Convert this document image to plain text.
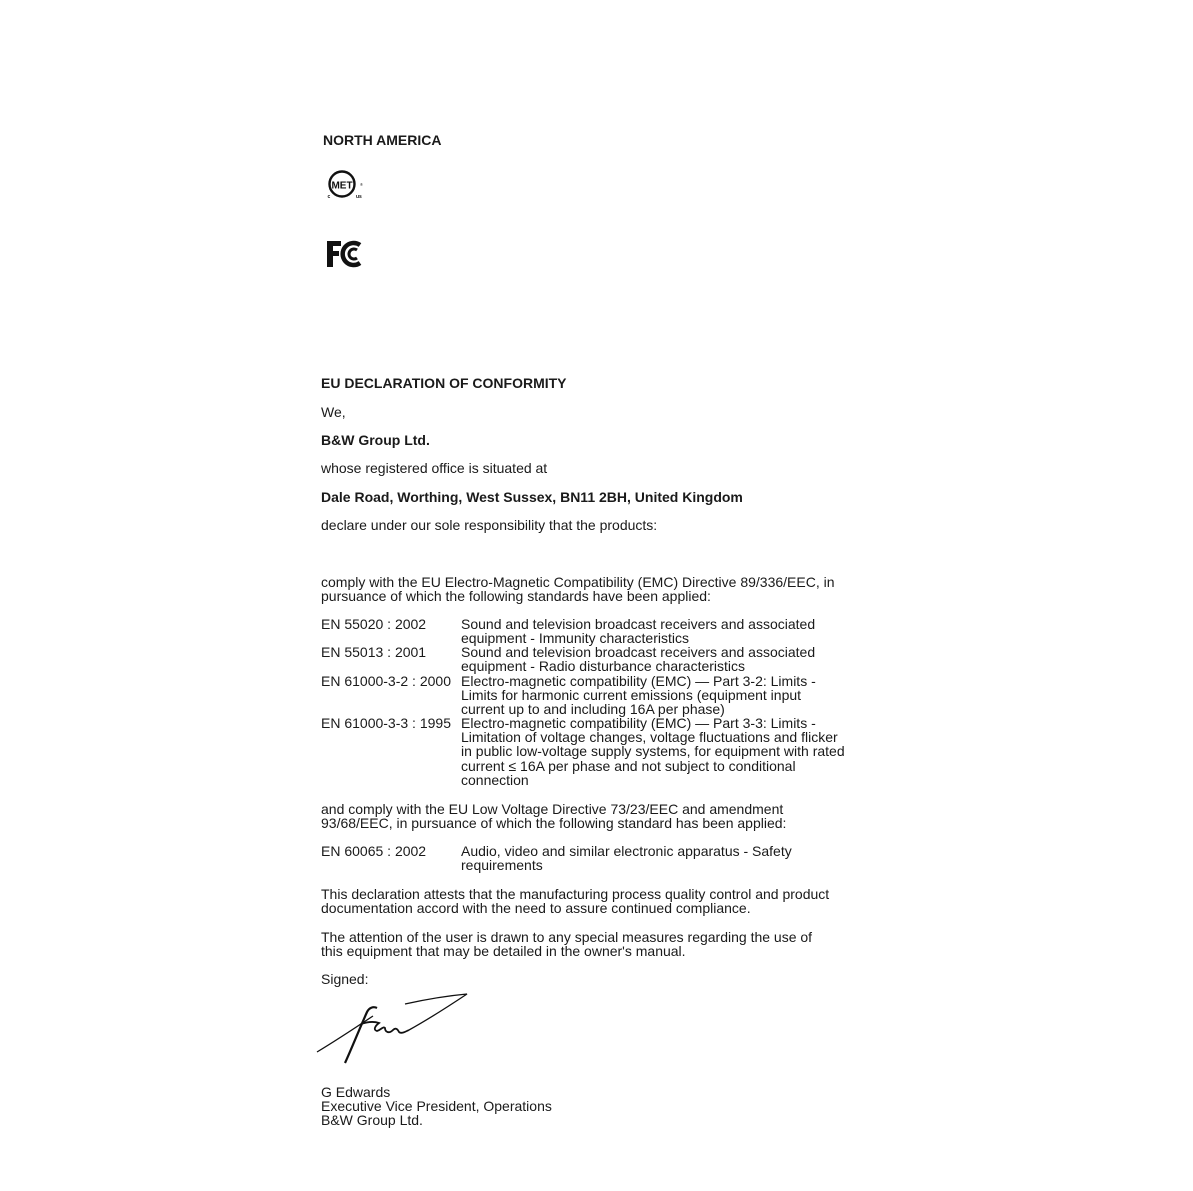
NORTH AMERICA
MET
c	us
®
FC
EU DECLARATION OF CONFORMITY
We,
B&W Group Ltd.
whose registered office is situated at
Dale Road, Worthing, West Sussex, BN11 2BH, United Kingdom
declare under our sole responsibility that the products:
comply with the EU Electro-Magnetic Compatibility (EMC) Directive 89/336/EEC, in pursuance of which the following standards have been applied:
EN 55020 : 2002 Sound and television broadcast receivers and associated equipment - Immunity characteristics
EN 55013 : 2001 Sound and television broadcast receivers and associated equipment - Radio disturbance characteristics
EN 61000-3-2 : 2000 Electro-magnetic compatibility (EMC) — Part 3-2: Limits - Limits for harmonic current emissions (equipment input current up to and including 16A per phase)
EN 61000-3-3 : 1995 Electro-magnetic compatibility (EMC) — Part 3-3: Limits - Limitation of voltage changes, voltage fluctuations and flicker in public low-voltage supply systems, for equipment with rated current ≤ 16A per phase and not subject to conditional connection
and comply with the EU Low Voltage Directive 73/23/EEC and amendment 93/68/EEC, in pursuance of which the following standard has been applied:
EN 60065 : 2002 Audio, video and similar electronic apparatus - Safety requirements
This declaration attests that the manufacturing process quality control and product documentation accord with the need to assure continued compliance.
The attention of the user is drawn to any special measures regarding the use of this equipment that may be detailed in the owner's manual.
Signed:
G Edwards
Executive Vice President, Operations
B&W Group Ltd.
